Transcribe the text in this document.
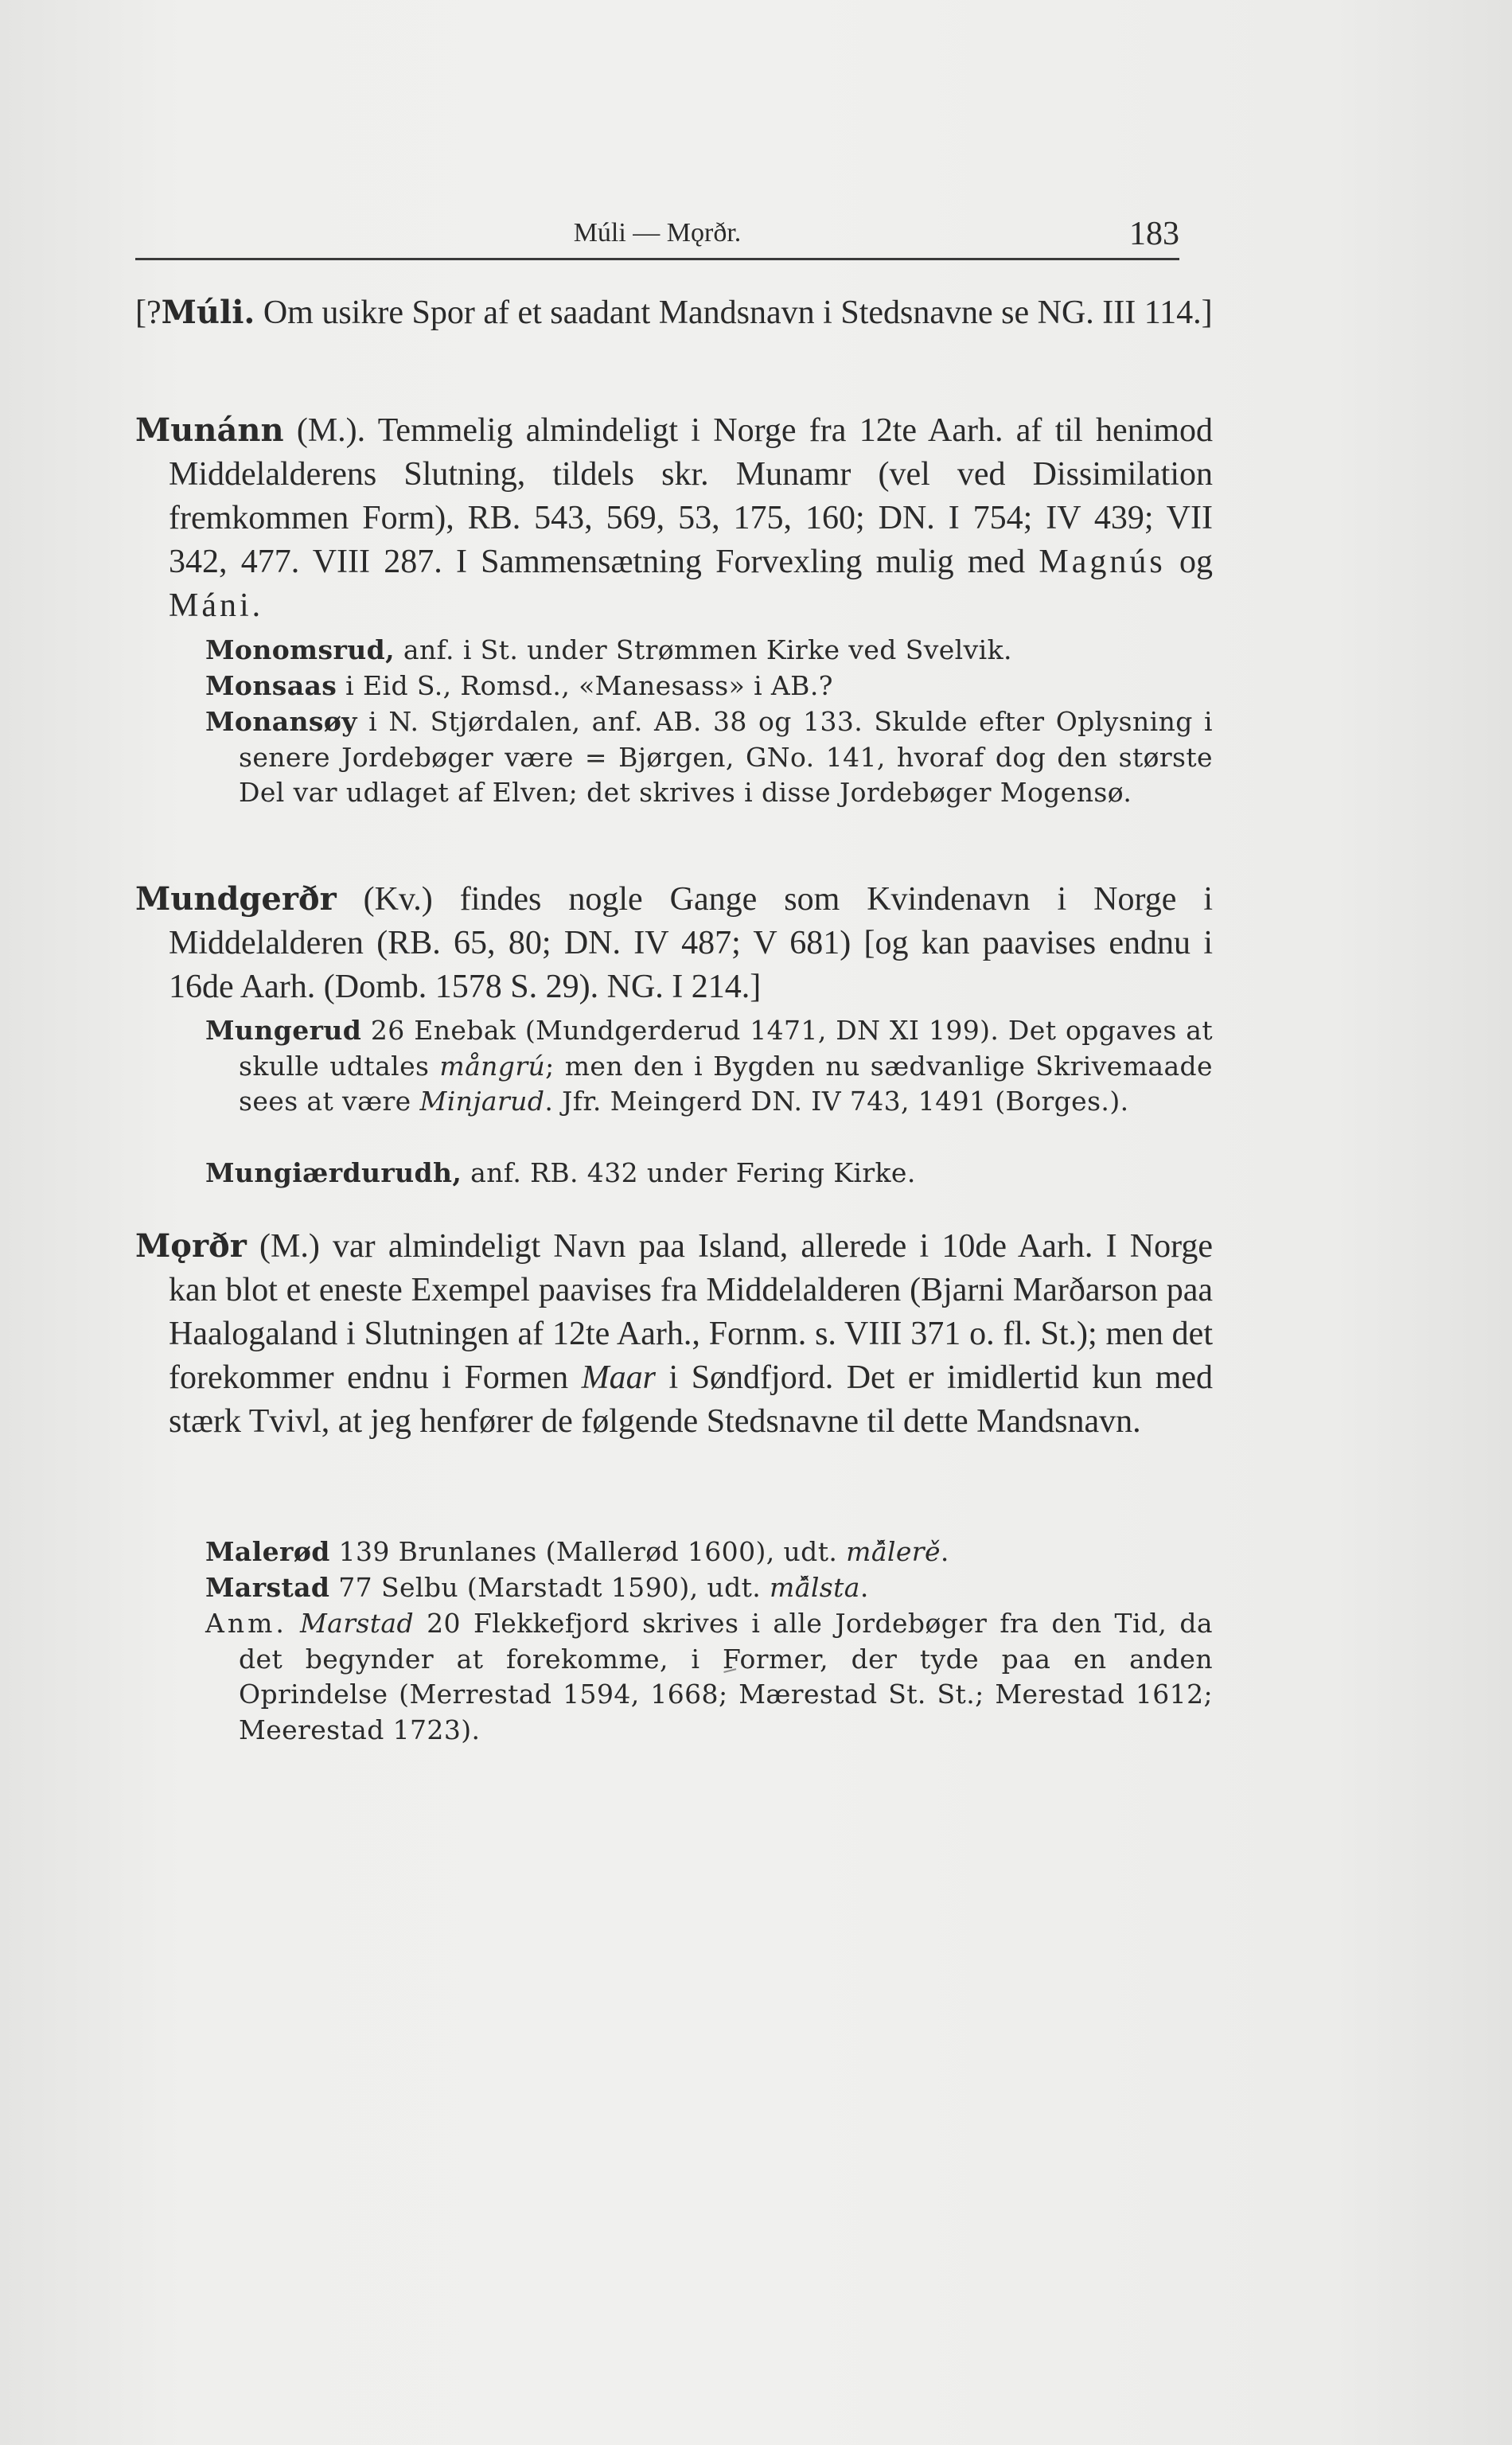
Múli — Mǫrðr.	183

[?Múli. Om usikre Spor af et saadant Mandsnavn i Stedsnavne se NG. III 114.]

Munánn (M.). Temmelig almindeligt i Norge fra 12te Aarh. af til henimod Middelalderens Slutning, tildels skr. Munamr (vel ved Dissimilation fremkommen Form), RB. 543, 569, 53, 175, 160; DN. I 754; IV 439; VII 342, 477. VIII 287. I Sammensætning Forvexling mulig med Magnús og Máni.

Monomsrud, anf. i St. under Strømmen Kirke ved Svelvik.

Monsaas i Eid S., Romsd., «Manesass» i AB.?

Monansøy i N. Stjørdalen, anf. AB. 38 og 133. Skulde efter Oplysning i senere Jordebøger være = Bjørgen, GNo. 141, hvoraf dog den største Del var udlaget af Elven; det skrives i disse Jordebøger Mogensø.

Mundgerðr (Kv.) findes nogle Gange som Kvindenavn i Norge i Middelalderen (RB. 65, 80; DN. IV 487; V 681) [og kan paavises endnu i 16de Aarh. (Domb. 1578 S. 29). NG. I 214.]

Mungerud 26 Enebak (Mundgerderud 1471, DN XI 199). Det opgaves at skulle udtales mångrú; men den i Bygden nu sædvanlige Skrivemaade sees at være Minjarud. Jfr. Meingerd DN. IV 743, 1491 (Borges.).

Mungiærdurudh, anf. RB. 432 under Fering Kirke.

Mǫrðr (M.) var almindeligt Navn paa Island, allerede i 10de Aarh. I Norge kan blot et eneste Exempel paavises fra Middelalderen (Bjarni Marðarson paa Haalogaland i Slutningen af 12te Aarh., Fornm. s. VIII 371 o. fl. St.); men det forekommer endnu i Formen Maar i Søndfjord. Det er imidlertid kun med stærk Tvivl, at jeg henfører de følgende Stedsnavne til dette Mandsnavn.

Malerød 139 Brunlanes (Mallerød 1600), udt. mǎ̂lerě.

Marstad 77 Selbu (Marstadt 1590), udt. mǎ̂lsta.

Anm. Marstad 20 Flekkefjord skrives i alle Jordebøger fra den Tid, da det begynder at forekomme, i Former, der tyde paa en anden Oprindelse (Merrestad 1594, 1668; Mærestad St. St.; Merestad 1612; Meerestad 1723).
